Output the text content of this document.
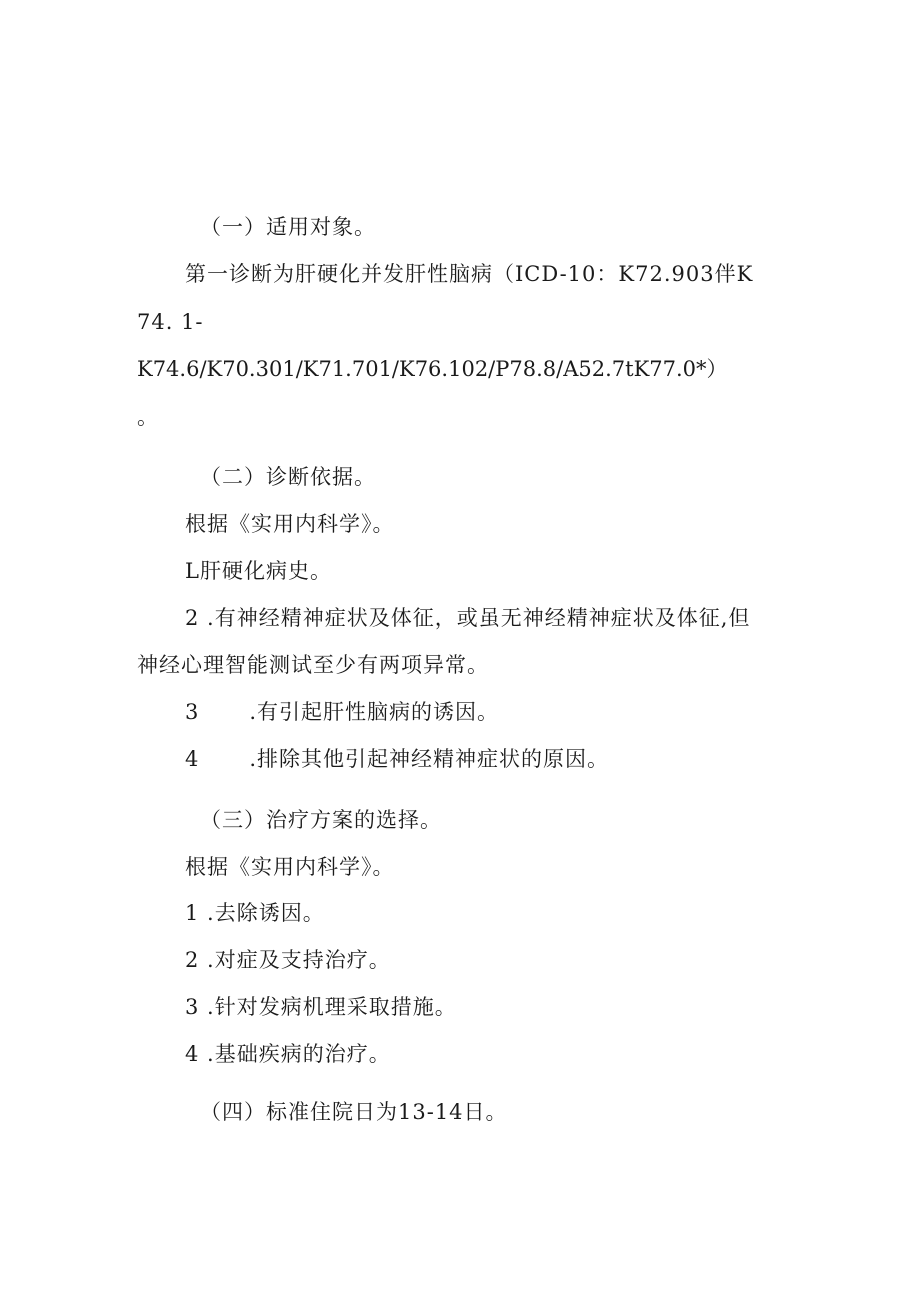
（一）适用对象。
第一诊断为肝硬化并发肝性脑病（ICD-10：K72.903伴K
74. 1-
K74.6/K70.301/K71.701/K76.102/P78.8/A52.7tK77.0*）
。
（二）诊断依据。
根据《实用内科学》。
L肝硬化病史。
2 .有神经精神症状及体征，或虽无神经精神症状及体征,但
神经心理智能测试至少有两项异常。
3 .有引起肝性脑病的诱因。
4 .排除其他引起神经精神症状的原因。
（三）治疗方案的选择。
根据《实用内科学》。
1 .去除诱因。
2 .对症及支持治疗。
3 .针对发病机理采取措施。
4 .基础疾病的治疗。
（四）标准住院日为13-14日。
